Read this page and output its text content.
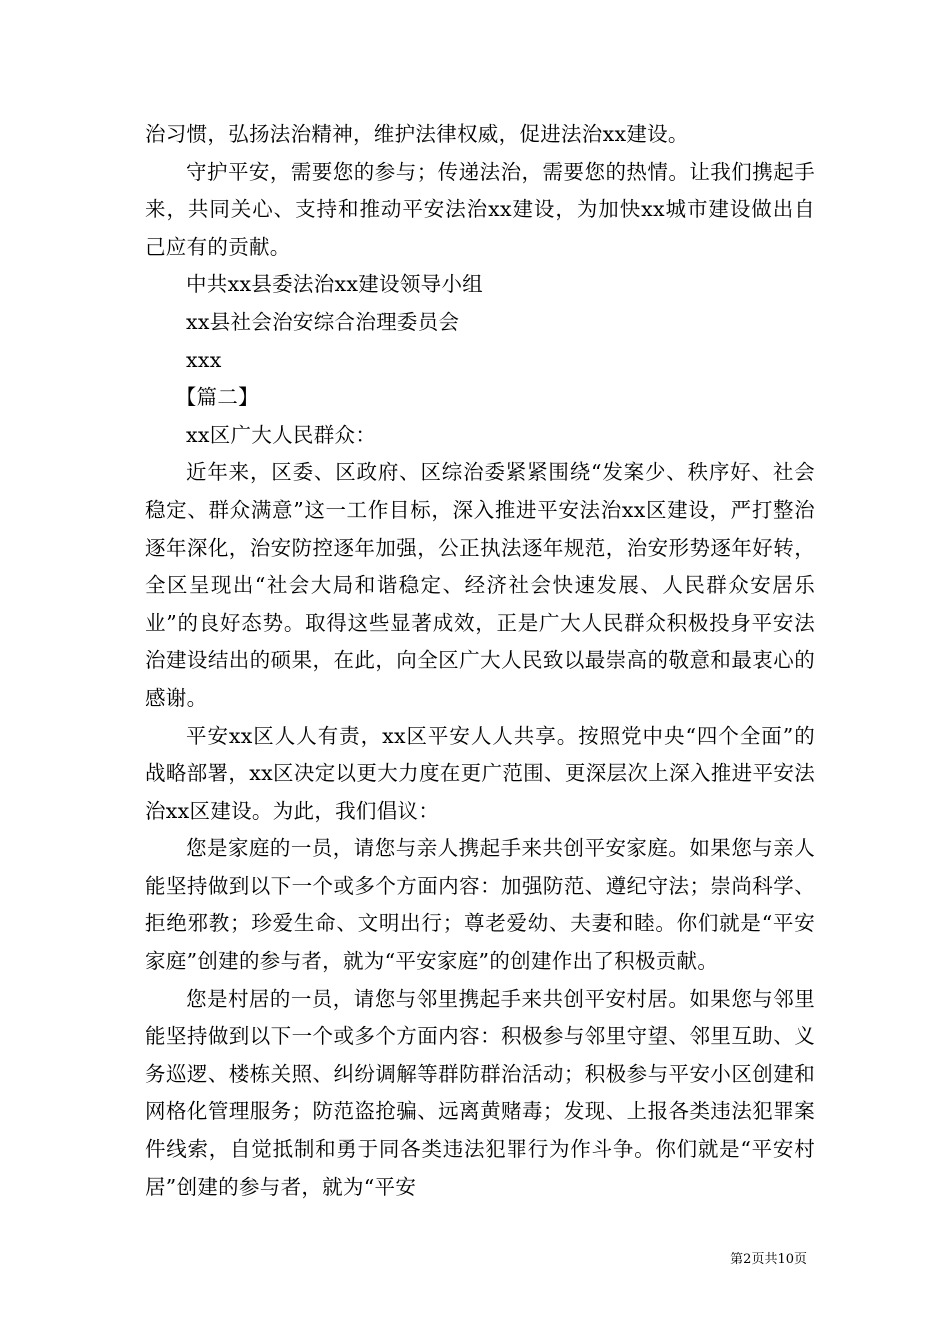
治习惯，弘扬法治精神，维护法律权威，促进法治xx建设。

守护平安，需要您的参与；传递法治，需要您的热情。让我们携起手来，共同关心、支持和推动平安法治xx建设，为加快xx城市建设做出自己应有的贡献。

中共xx县委法治xx建设领导小组

xx县社会治安综合治理委员会

xxx

【篇二】

xx区广大人民群众：

近年来，区委、区政府、区综治委紧紧围绕“发案少、秩序好、社会稳定、群众满意”这一工作目标，深入推进平安法治xx区建设，严打整治逐年深化，治安防控逐年加强，公正执法逐年规范，治安形势逐年好转，全区呈现出“社会大局和谐稳定、经济社会快速发展、人民群众安居乐业”的良好态势。取得这些显著成效，正是广大人民群众积极投身平安法治建设结出的硕果，在此，向全区广大人民致以最崇高的敬意和最衷心的感谢。

平安xx区人人有责，xx区平安人人共享。按照党中央“四个全面”的战略部署，xx区决定以更大力度在更广范围、更深层次上深入推进平安法治xx区建设。为此，我们倡议：

您是家庭的一员，请您与亲人携起手来共创平安家庭。如果您与亲人能坚持做到以下一个或多个方面内容：加强防范、遵纪守法；崇尚科学、拒绝邪教；珍爱生命、文明出行；尊老爱幼、夫妻和睦。你们就是“平安家庭”创建的参与者，就为“平安家庭”的创建作出了积极贡献。

您是村居的一员，请您与邻里携起手来共创平安村居。如果您与邻里能坚持做到以下一个或多个方面内容：积极参与邻里守望、邻里互助、义务巡逻、楼栋关照、纠纷调解等群防群治活动；积极参与平安小区创建和网格化管理服务；防范盗抢骗、远离黄赌毒；发现、上报各类违法犯罪案件线索，自觉抵制和勇于同各类违法犯罪行为作斗争。你们就是“平安村居”创建的参与者，就为“平安

第2页共10页
